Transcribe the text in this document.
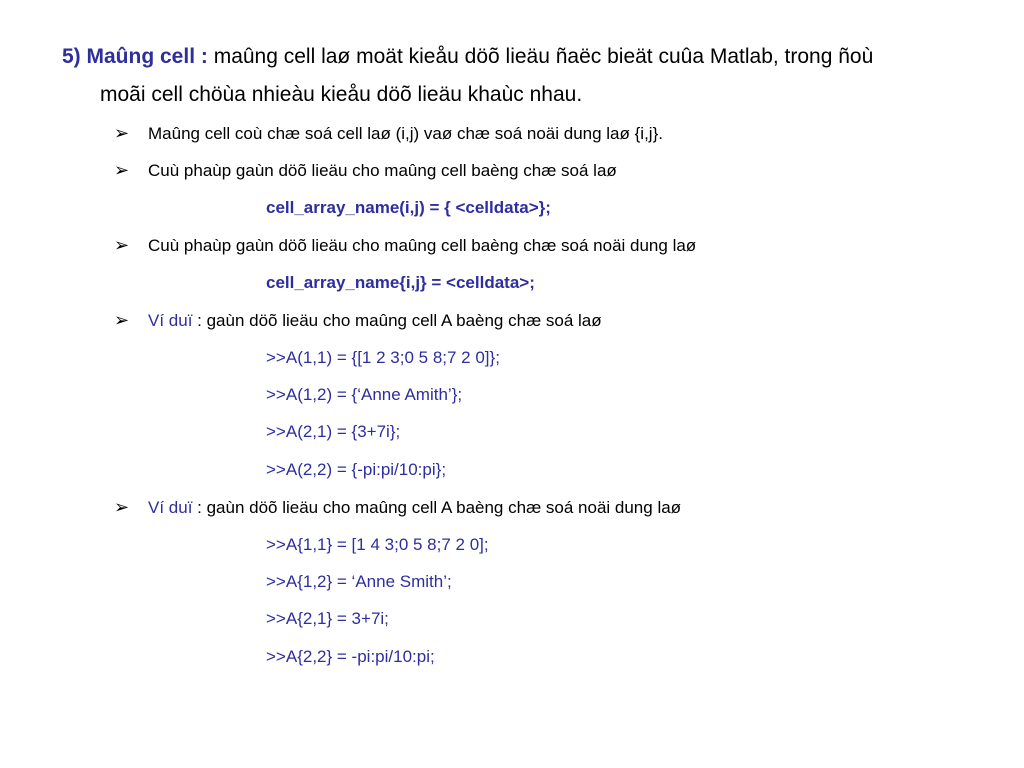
5) Maûng cell : maûng cell laø moät kieåu döõ lieäu ñaëc bieät cuûa Matlab, trong ñoù
moãi cell chöùa nhieàu kieåu döõ lieäu khaùc nhau.
➢ Maûng cell coù chæ soá cell laø (i,j) vaø chæ soá noäi dung laø {i,j}.
➢ Cuù phaùp gaùn döõ lieäu cho maûng cell baèng chæ soá laø
cell_array_name(i,j) = { <celldata>};
➢ Cuù phaùp gaùn döõ lieäu cho maûng cell baèng chæ soá noäi dung laø
cell_array_name{i,j} = <celldata>;
➢ Ví duï : gaùn döõ lieäu cho maûng cell A baèng chæ soá laø
>>A(1,1) = {[1 2 3;0 5 8;7 2 0]};
>>A(1,2) = {‘Anne Amith’};
>>A(2,1) = {3+7i};
>>A(2,2) = {-pi:pi/10:pi};
➢ Ví duï : gaùn döõ lieäu cho maûng cell A baèng chæ soá noäi dung laø
>>A{1,1} = [1 4 3;0 5 8;7 2 0];
>>A{1,2} = ‘Anne Smith’;
>>A{2,1} = 3+7i;
>>A{2,2} = -pi:pi/10:pi;
